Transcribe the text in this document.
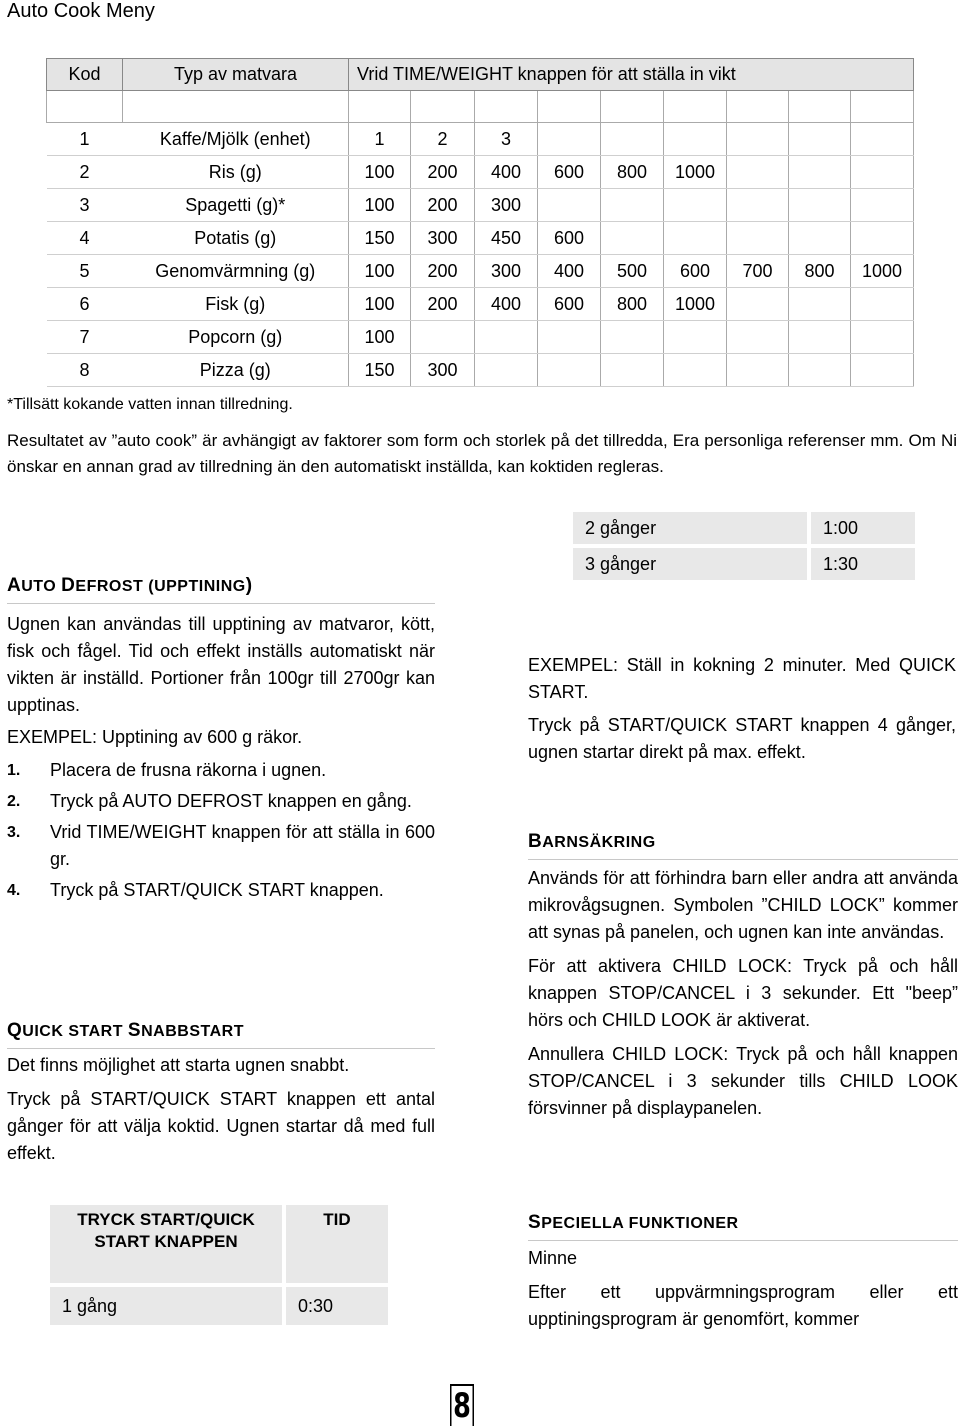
Auto Cook Meny
Kod	Typ av matvara	Vrid TIME/WEIGHT knappen för att ställa in vikt								

1	Kaffe/Mjölk (enhet)	1	2	3						
2	Ris (g)	100	200	400	600	800	1000			
3	Spagetti (g)*	100	200	300						
4	Potatis (g)	150	300	450	600					
5	Genomvärmning (g)	100	200	300	400	500	600	700	800	1000
6	Fisk (g)	100	200	400	600	800	1000			
7	Popcorn (g)	100								
8	Pizza (g)	150	300							
*Tillsätt kokande vatten innan tillredning.
Resultatet av ”auto cook” är avhängigt av faktorer som form och storlek på det tillredda, Era personliga referenser mm. Om Ni önskar en annan grad av tillredning än den automatiskt inställda, kan koktiden regleras.
2 gånger	1:00
3 gånger	1:30
AUTO DEFROST (UPPTINING)
Ugnen kan användas till upptining av matvaror, kött, fisk och fågel. Tid och effekt inställs automatiskt när vikten är inställd. Portioner från 100gr till 2700gr kan upptinas.
EXEMPEL: Upptining av 600 g räkor.
1. Placera de frusna räkorna i ugnen.
2. Tryck på AUTO DEFROST knappen en gång.
3. Vrid TIME/WEIGHT knappen för att ställa in 600 gr.
4. Tryck på START/QUICK START knappen.
QUICK START SNABBSTART
Det finns möjlighet att starta ugnen snabbt.
Tryck på START/QUICK START knappen ett antal gånger för att välja koktid. Ugnen startar då med full effekt.
TRYCK START/QUICK START KNAPPEN	TID
1 gång	0:30
EXEMPEL: Ställ in kokning 2 minuter. Med QUICK START.
Tryck på START/QUICK START knappen 4 gånger, ugnen startar direkt på max. effekt.
BARNSÄKRING
Används för att förhindra barn eller andra att använda mikrovågsugnen. Symbolen ”CHILD LOCK” kommer att synas på panelen, och ugnen kan inte användas.
För att aktivera CHILD LOCK: Tryck på och håll knappen STOP/CANCEL i 3 sekunder. Ett "beep” hörs och CHILD LOOK är aktiverat.
Annullera CHILD LOCK: Tryck på och håll knappen STOP/CANCEL i 3 sekunder tills CHILD LOOK försvinner på displaypanelen.
SPECIELLA FUNKTIONER
Minne
Efter ett uppvärmningsprogram eller ett upptiningsprogram är genomfört, kommer
8
